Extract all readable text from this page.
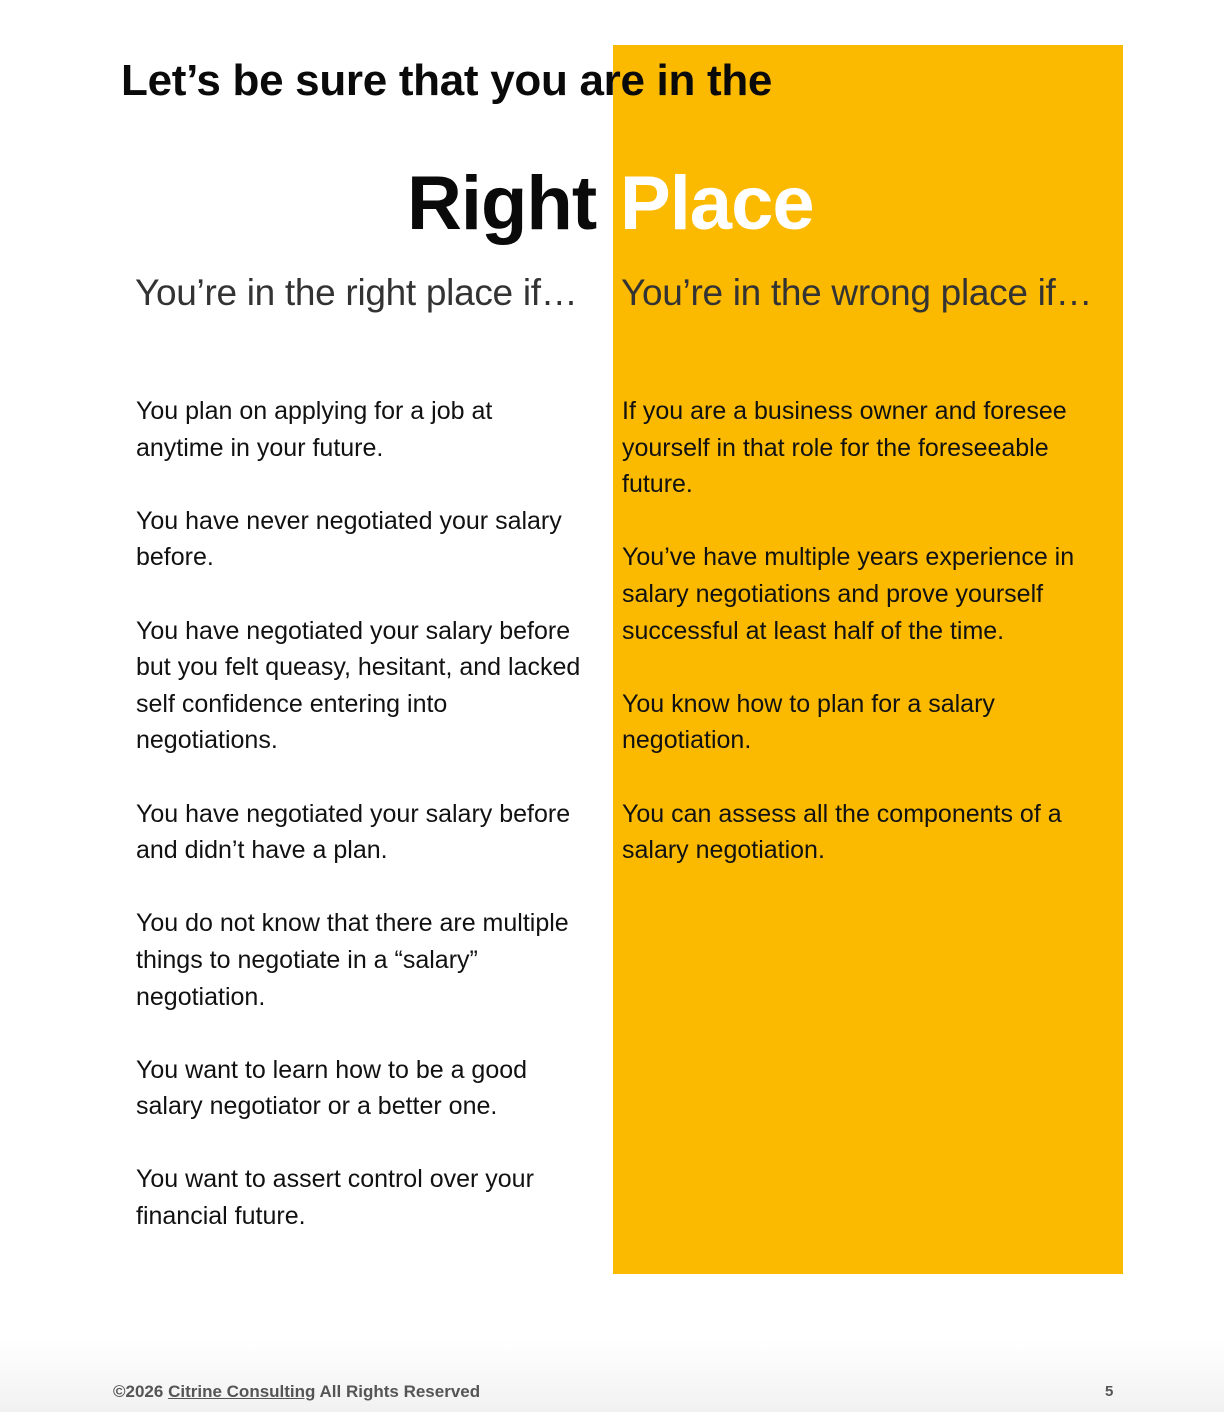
Let’s be sure that you are in the
Right Place
You’re in the right place if… You’re in the wrong place if…
You plan on applying for a job at anytime in your future.
You have never negotiated your salary before.
You have negotiated your salary before but you felt queasy, hesitant, and lacked self confidence entering into negotiations.
You have negotiated your salary before and didn’t have a plan.
You do not know that there are multiple things to negotiate in a “salary” negotiation.
You want to learn how to be a good salary negotiator or a better one.
You want to assert control over your financial future.
If you are a business owner and foresee yourself in that role for the foreseeable future.
You’ve have multiple years experience in salary negotiations and prove yourself successful at least half of the time.
You know how to plan for a salary negotiation.
You can assess all the components of a salary negotiation.

©2026 Citrine Consulting All Rights Reserved	5
